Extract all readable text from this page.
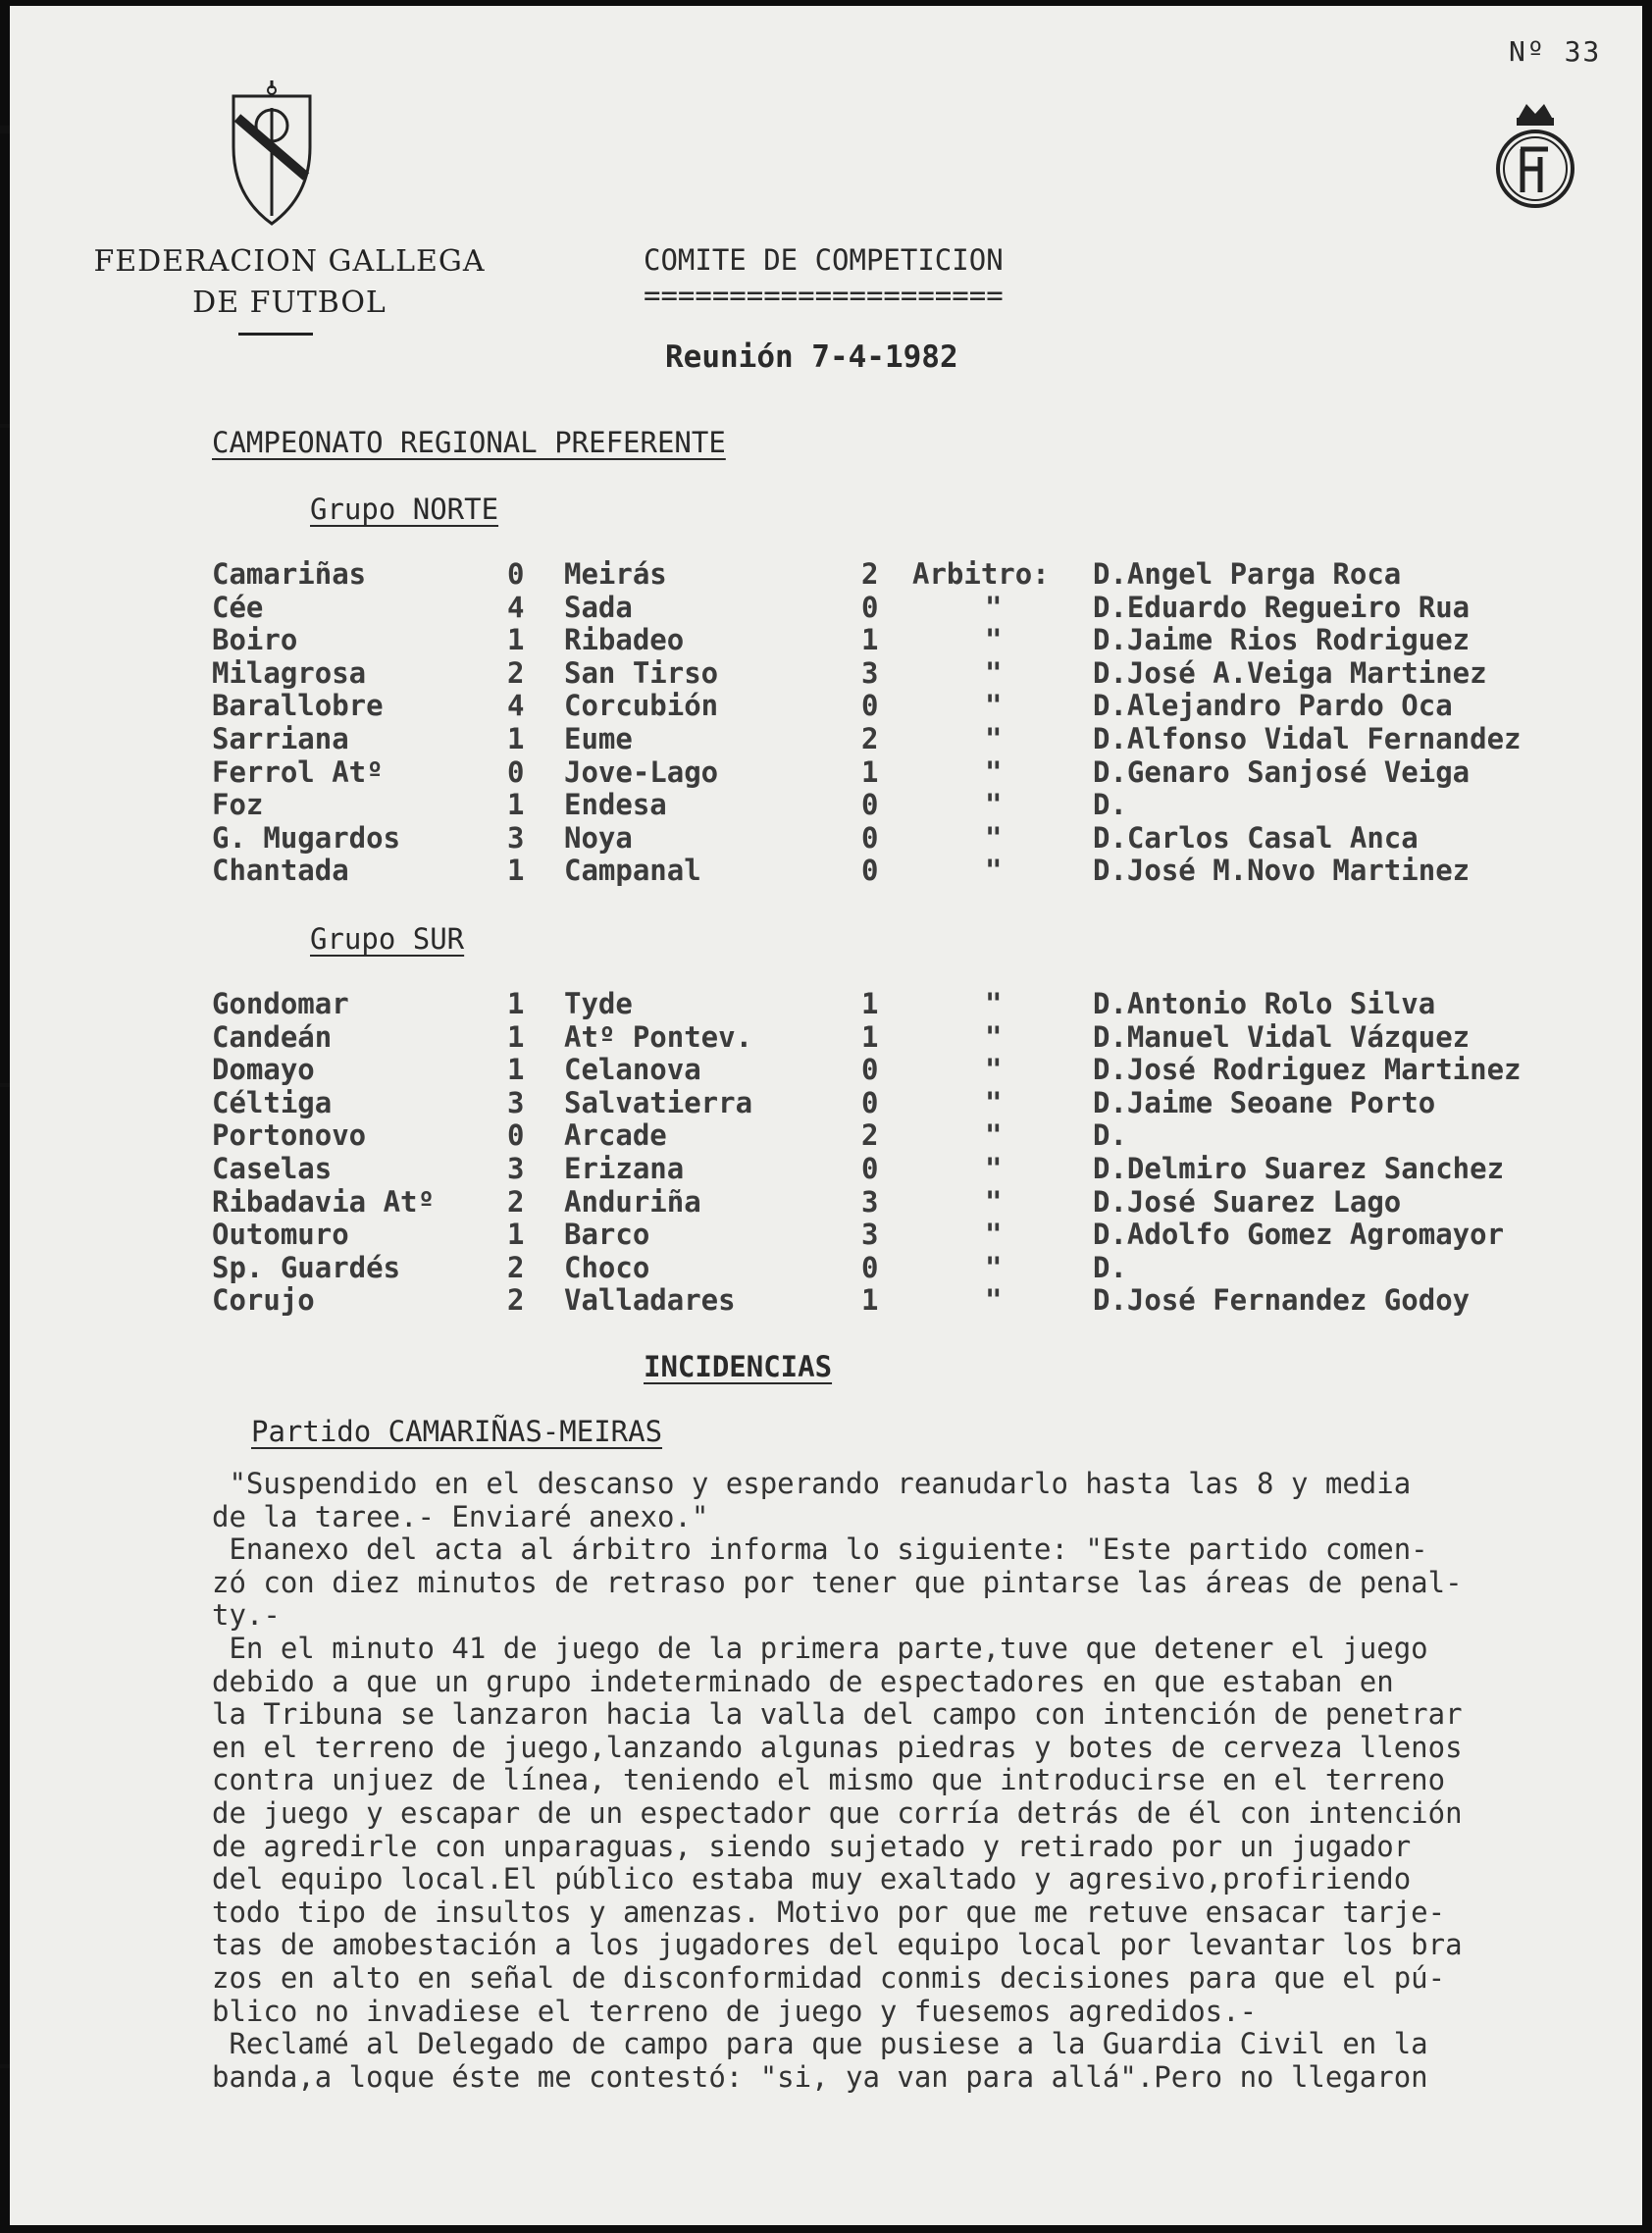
Nº 33
FEDERACION GALLEGA
DE FUTBOL
COMITE DE COMPETICION
=====================
Reunión 7-4-1982
CAMPEONATO REGIONAL PREFERENTE
Grupo NORTE
Camariñas	0 Meirás	2 Arbitro: D.Angel Parga Roca
Cée	4 Sada	0	"	D.Eduardo Regueiro Rua
Boiro	1 Ribadeo	1	"	D.Jaime Rios Rodriguez
Milagrosa	2 San Tirso	3	"	D.José A.Veiga Martinez
Barallobre	4 Corcubión	0	"	D.Alejandro Pardo Oca
Sarriana	1 Eume	2	"	D.Alfonso Vidal Fernandez
Ferrol Atº	0 Jove-Lago	1	"	D.Genaro Sanjosé Veiga
Foz	1 Endesa	0	"	D.
G. Mugardos	3 Noya	0	"	D.Carlos Casal Anca
Chantada	1 Campanal	0	"	D.José M.Novo Martinez
Grupo SUR
Gondomar	1 Tyde	1	"	D.Antonio Rolo Silva
Candeán	1 Atº Pontev.	1	"	D.Manuel Vidal Vázquez
Domayo	1 Celanova	0	"	D.José Rodriguez Martinez
Céltiga	3 Salvatierra	0	"	D.Jaime Seoane Porto
Portonovo	0 Arcade	2	"	D.
Caselas	3 Erizana	0	"	D.Delmiro Suarez Sanchez
Ribadavia Atº	2 Anduriña	3	"	D.José Suarez Lago
Outomuro	1 Barco	3	"	D.Adolfo Gomez Agromayor
Sp. Guardés	2 Choco	0	"	D.
Corujo	2 Valladares	1	"	D.José Fernandez Godoy
INCIDENCIAS
Partido CAMARIÑAS-MEIRAS
"Suspendido en el descanso y esperando reanudarlo hasta las 8 y media
de la taree.- Enviaré anexo."
Enanexo del acta al árbitro informa lo siguiente: "Este partido comen-
zó con diez minutos de retraso por tener que pintarse las áreas de penal-
ty.-
En el minuto 41 de juego de la primera parte,tuve que detener el juego
debido a que un grupo indeterminado de espectadores en que estaban en
la Tribuna se lanzaron hacia la valla del campo con intención de penetrar
en el terreno de juego,lanzando algunas piedras y botes de cerveza llenos
contra unjuez de línea, teniendo el mismo que introducirse en el terreno
de juego y escapar de un espectador que corría detrás de él con intención
de agredirle con unparaguas, siendo sujetado y retirado por un jugador
del equipo local.El público estaba muy exaltado y agresivo,profiriendo
todo tipo de insultos y amenzas. Motivo por que me retuve ensacar tarje-
tas de amobestación a los jugadores del equipo local por levantar los bra
zos en alto en señal de disconformidad conmis decisiones para que el pú-
blico no invadiese el terreno de juego y fuesemos agredidos.-
Reclamé al Delegado de campo para que pusiese a la Guardia Civil en la
banda,a loque éste me contestó: "si, ya van para allá".Pero no llegaron
